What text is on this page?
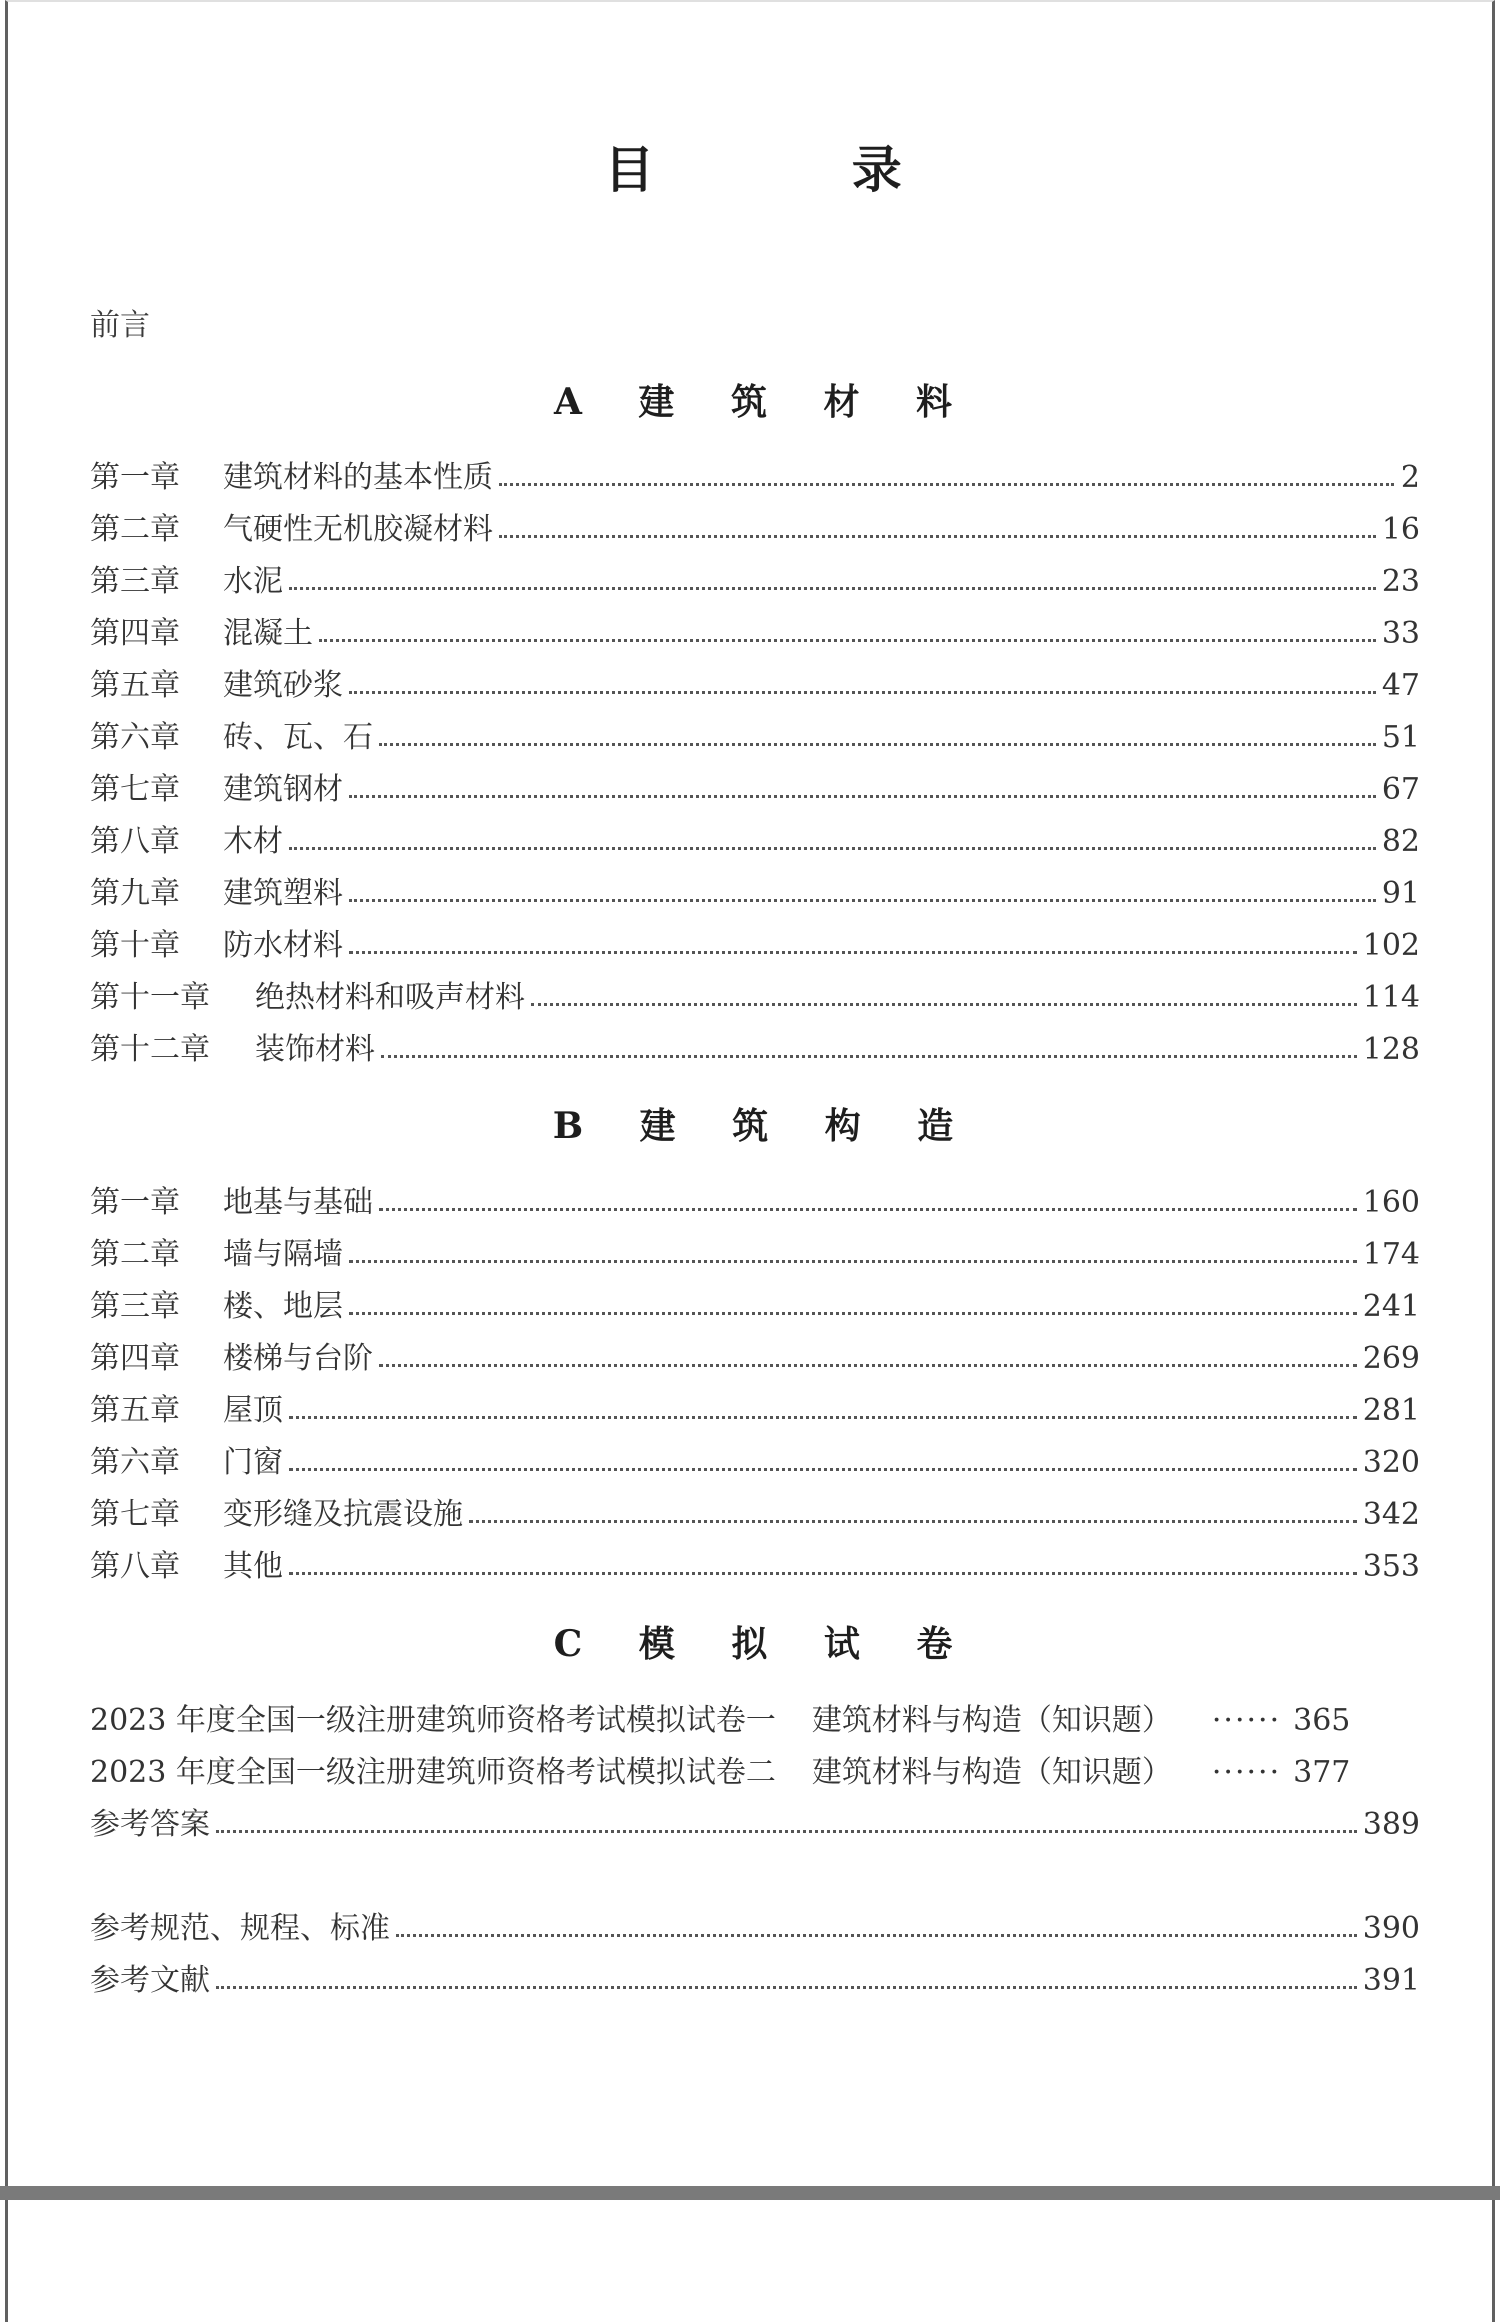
目 录
前言
A 建 筑 材 料
第一章	建筑材料的基本性质	2
第二章	气硬性无机胶凝材料	16
第三章	水泥	23
第四章	混凝土	33
第五章	建筑砂浆	47
第六章	砖、瓦、石	51
第七章	建筑钢材	67
第八章	木材	82
第九章	建筑塑料	91
第十章	防水材料	102
第十一章	绝热材料和吸声材料	114
第十二章	装饰材料	128
B 建 筑 构 造
第一章	地基与基础	160
第二章	墙与隔墙	174
第三章	楼、地层	241
第四章	楼梯与台阶	269
第五章	屋顶	281
第六章	门窗	320
第七章	变形缝及抗震设施	342
第八章	其他	353
C 模 拟 试 卷
2023 年度全国一级注册建筑师资格考试模拟试卷一 建筑材料与构造（知识题） ······ 365
2023 年度全国一级注册建筑师资格考试模拟试卷二 建筑材料与构造（知识题） ······ 377
参考答案	389
参考规范、规程、标准	390
参考文献	391
